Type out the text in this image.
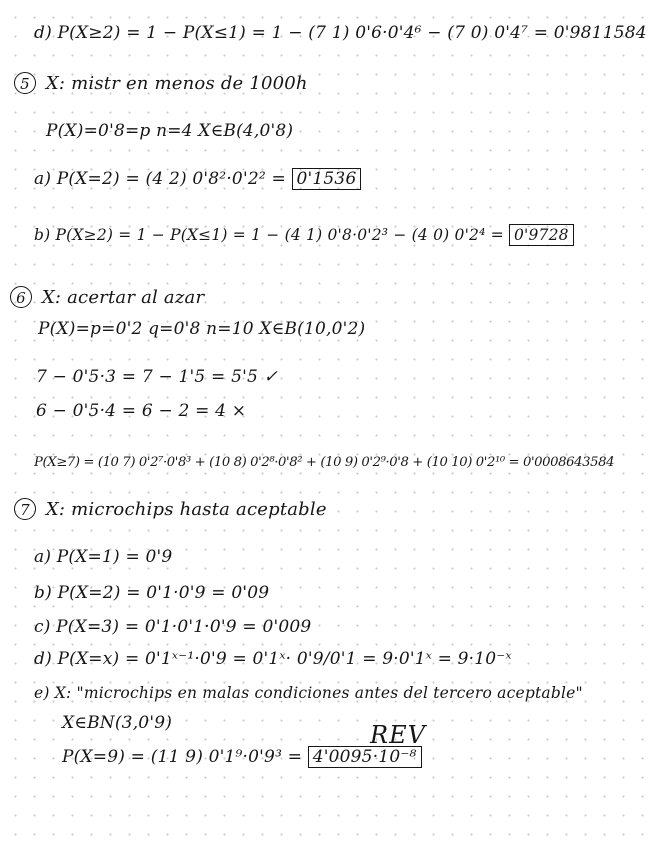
d) P(X≥2) = 1 − P(X≤1) = 1 − (7 1) 0'6·0'4⁶ − (7 0) 0'4⁷ = 0'9811584
5 X: mistr en menos de 1000h
P(X)=0'8=p n=4 X∈B(4,0'8)
a) P(X=2) = (4 2) 0'8²·0'2² = 0'1536
b) P(X≥2) = 1 − P(X≤1) = 1 − (4 1) 0'8·0'2³ − (4 0) 0'2⁴ = 0'9728
6 X: acertar al azar
P(X)=p=0'2 q=0'8 n=10 X∈B(10,0'2)
7 − 0'5·3 = 7 − 1'5 = 5'5 ✓
6 − 0'5·4 = 6 − 2 = 4 ×
P(X≥7) = (10 7) 0'2⁷·0'8³ + (10 8) 0'2⁸·0'8² + (10 9) 0'2⁹·0'8 + (10 10) 0'2¹⁰ = 0'0008643584
7 X: microchips hasta aceptable
a) P(X=1) = 0'9
b) P(X=2) = 0'1·0'9 = 0'09
c) P(X=3) = 0'1·0'1·0'9 = 0'009
d) P(X=x) = 0'1ˣ⁻¹·0'9 = 0'1ˣ· 0'9/0'1 = 9·0'1ˣ = 9·10⁻ˣ
e) X: "microchips en malas condiciones antes del tercero aceptable"
X∈BN(3,0'9)	REV
P(X=9) = (11 9) 0'1⁹·0'9³ = 4'0095·10⁻⁸
